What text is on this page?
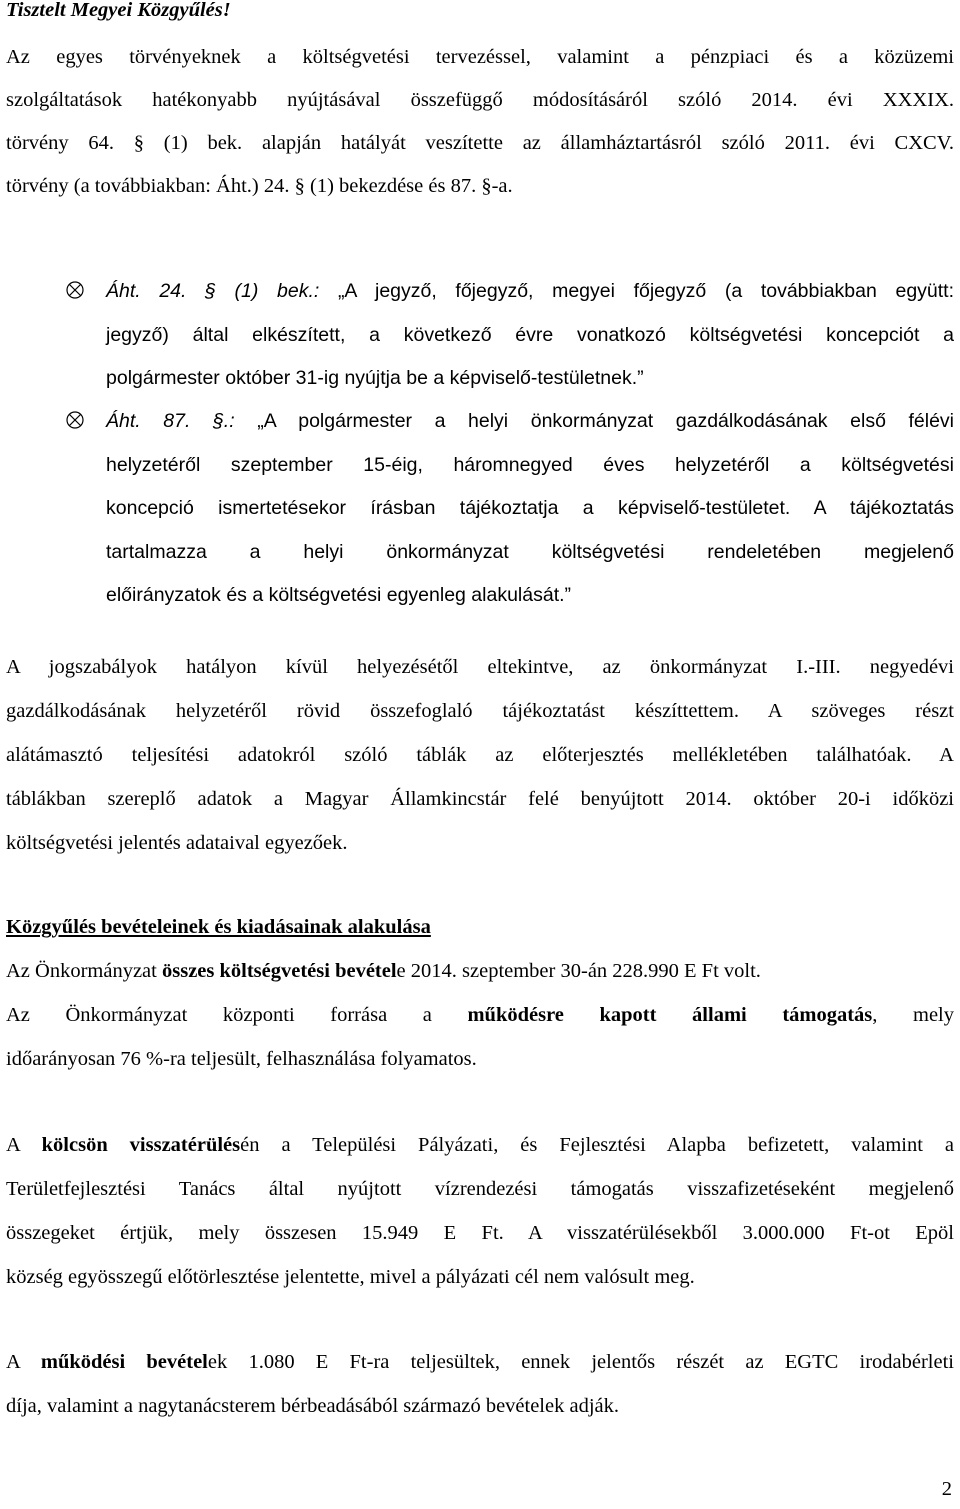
Tisztelt Megyei Közgyűlés!
Az egyes törvényeknek a költségvetési tervezéssel, valamint a pénzpiaci és a közüzemi
szolgáltatások hatékonyabb nyújtásával összefüggő módosításáról szóló 2014. évi XXXIX.
törvény 64. § (1) bek. alapján hatályát veszítette az államháztartásról szóló 2011. évi CXCV.
törvény (a továbbiakban: Áht.) 24. § (1) bekezdése és 87. §-a.
Áht. 24. § (1) bek.: „A jegyző, főjegyző, megyei főjegyző (a továbbiakban együtt:
jegyző) által elkészített, a következő évre vonatkozó költségvetési koncepciót a
polgármester október 31-ig nyújtja be a képviselő-testületnek.”
Áht. 87. §.: „A polgármester a helyi önkormányzat gazdálkodásának első félévi
helyzetéről szeptember 15-éig, háromnegyed éves helyzetéről a költségvetési
koncepció ismertetésekor írásban tájékoztatja a képviselő-testületet. A tájékoztatás
tartalmazza a helyi önkormányzat költségvetési rendeletében megjelenő
előirányzatok és a költségvetési egyenleg alakulását.”
A jogszabályok hatályon kívül helyezésétől eltekintve, az önkormányzat I.-III. negyedévi
gazdálkodásának helyzetéről rövid összefoglaló tájékoztatást készíttettem. A szöveges részt
alátámasztó teljesítési adatokról szóló táblák az előterjesztés mellékletében találhatóak. A
táblákban szereplő adatok a Magyar Államkincstár felé benyújtott 2014. október 20-i időközi
költségvetési jelentés adataival egyezőek.
Közgyűlés bevételeinek és kiadásainak alakulása
Az Önkormányzat összes költségvetési bevétele 2014. szeptember 30-án 228.990 E Ft volt.
Az Önkormányzat központi forrása a működésre kapott állami támogatás, mely
időarányosan 76 %-ra teljesült, felhasználása folyamatos.
A kölcsön visszatérülésén a Települési Pályázati, és Fejlesztési Alapba befizetett, valamint a
Területfejlesztési Tanács által nyújtott vízrendezési támogatás visszafizetéseként megjelenő
összegeket értjük, mely összesen 15.949 E Ft. A visszatérülésekből 3.000.000 Ft-ot Epöl
község egyösszegű előtörlesztése jelentette, mivel a pályázati cél nem valósult meg.
A működési bevételek 1.080 E Ft-ra teljesültek, ennek jelentős részét az EGTC irodabérleti
díja, valamint a nagytanácsterem bérbeadásából származó bevételek adják.
2
